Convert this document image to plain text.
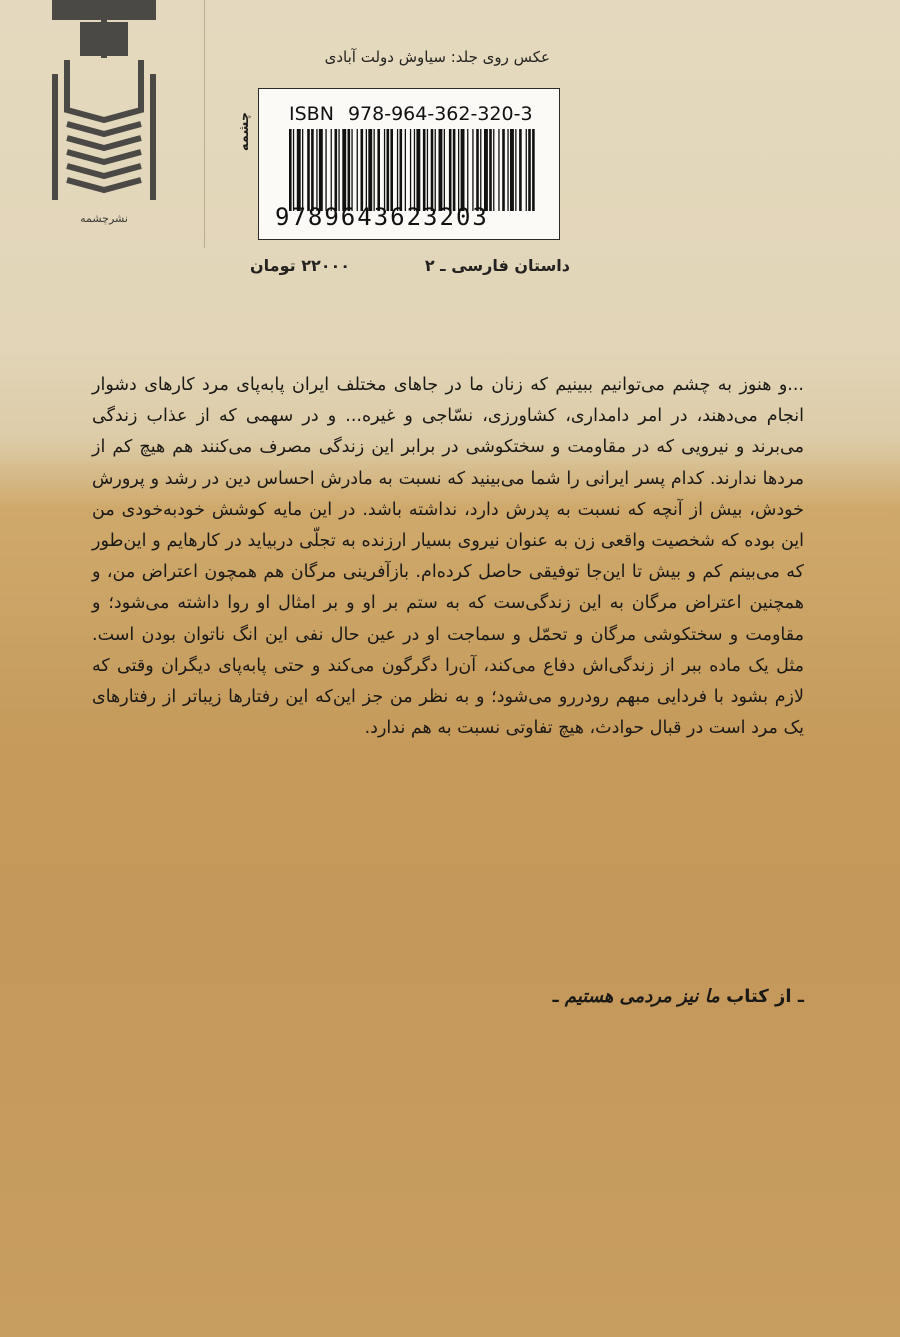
نشرچشمه
عکس روی جلد: سیاوش دولت آبادی
چشمه ISBN 978-964-362-320-3
9789643623203
داستان فارسی ـ ۲
۲۲۰۰۰ تومان

...و هنوز به چشم می‌توانیم ببینیم که زنان ما در جاهای مختلف ایران پابه‌پای مرد کارهای دشوار انجام می‌دهند، در امر دامداری، کشاورزی، نسّاجی و غیره... و در سهمی که از عذاب زندگی می‌برند و نیرویی که در مقاومت و سختکوشی در برابر این زندگی مصرف می‌کنند هم هیچ کم از مردها ندارند. کدام پسر ایرانی را شما می‌بینید که نسبت به مادرش احساس دین در رشد و پرورش خودش، بیش از آنچه که نسبت به پدرش دارد، نداشته باشد. در این مایه کوشش خودبه‌خودی من این بوده که شخصیت واقعی زن به عنوان نیروی بسیار ارزنده به تجلّی دربیاید در کارهایم و این‌طور که می‌بینم کم و بیش تا این‌جا توفیقی حاصل کرده‌ام. بازآفرینی مرگان هم همچون اعتراض من، و همچنین اعتراض مرگان به این زندگی‌ست که به ستم بر او و بر امثال او روا داشته می‌شود؛ و مقاومت و سختکوشی مرگان و تحمّل و سماجت او در عین حال نفی این انگ ناتوان بودن است. مثل یک ماده ببر از زندگی‌اش دفاع می‌کند، آن‌را دگرگون می‌کند و حتی پابه‌پای دیگران وقتی که لازم بشود با فردایی مبهم رودررو می‌شود؛ و به نظر من جز این‌که این رفتارها زیباتر از رفتارهای یک مرد است در قبال حوادث، هیچ تفاوتی نسبت به هم ندارد.

ـ از کتاب ما نیز مردمی هستیم ـ
